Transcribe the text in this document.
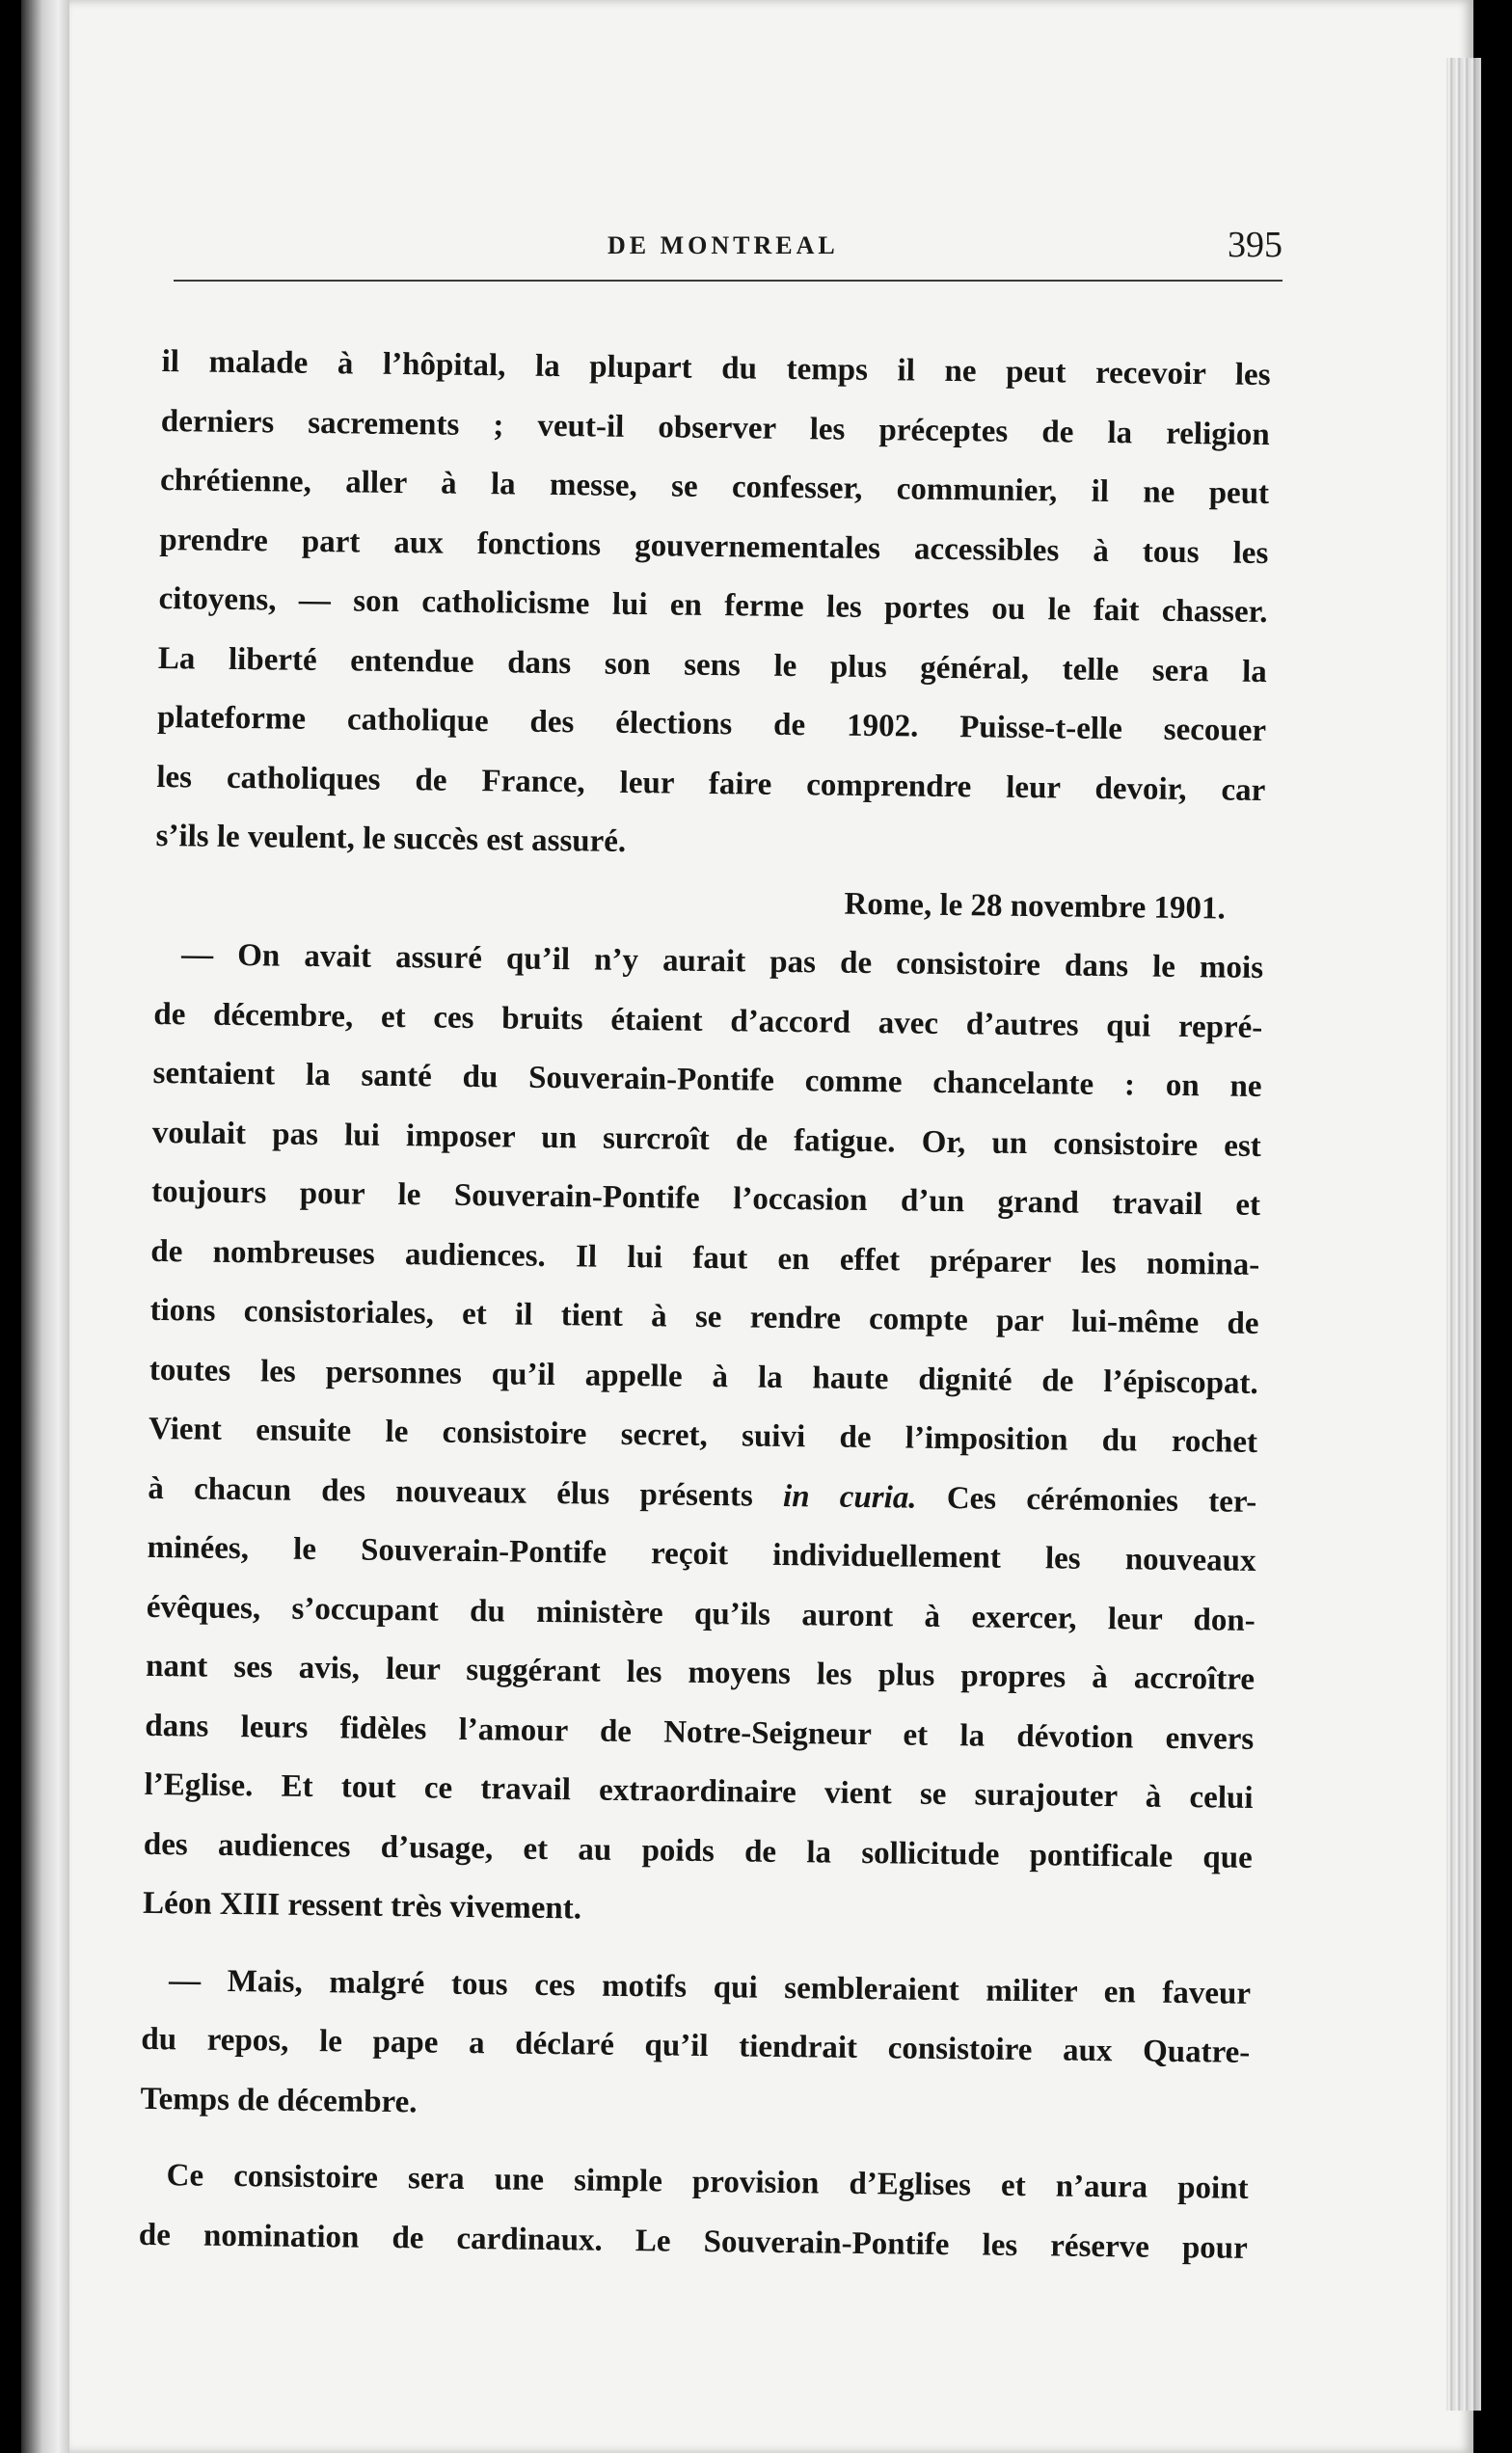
DE MONTREAL	395
il malade à l’hôpital, la plupart du temps il ne peut recevoir les
derniers sacrements ; veut-il observer les préceptes de la religion
chrétienne, aller à la messe, se confesser, communier, il ne peut
prendre part aux fonctions gouvernementales accessibles à tous les
citoyens, — son catholicisme lui en ferme les portes ou le fait chasser.
La liberté entendue dans son sens le plus général, telle sera la
plateforme catholique des élections de 1902. Puisse-t-elle secouer
les catholiques de France, leur faire comprendre leur devoir, car
s’ils le veulent, le succès est assuré.
Rome, le 28 novembre 1901.
— On avait assuré qu’il n’y aurait pas de consistoire dans le mois
de décembre, et ces bruits étaient d’accord avec d’autres qui repré-
sentaient la santé du Souverain-Pontife comme chancelante : on ne
voulait pas lui imposer un surcroît de fatigue. Or, un consistoire est
toujours pour le Souverain-Pontife l’occasion d’un grand travail et
de nombreuses audiences. Il lui faut en effet préparer les nomina-
tions consistoriales, et il tient à se rendre compte par lui-même de
toutes les personnes qu’il appelle à la haute dignité de l’épiscopat.
Vient ensuite le consistoire secret, suivi de l’imposition du rochet
à chacun des nouveaux élus présents in curia. Ces cérémonies ter-
minées, le Souverain-Pontife reçoit individuellement les nouveaux
évêques, s’occupant du ministère qu’ils auront à exercer, leur don-
nant ses avis, leur suggérant les moyens les plus propres à accroître
dans leurs fidèles l’amour de Notre-Seigneur et la dévotion envers
l’Eglise. Et tout ce travail extraordinaire vient se surajouter à celui
des audiences d’usage, et au poids de la sollicitude pontificale que
Léon XIII ressent très vivement.
— Mais, malgré tous ces motifs qui sembleraient militer en faveur
du repos, le pape a déclaré qu’il tiendrait consistoire aux Quatre-
Temps de décembre.
Ce consistoire sera une simple provision d’Eglises et n’aura point
de nomination de cardinaux. Le Souverain-Pontife les réserve pour
